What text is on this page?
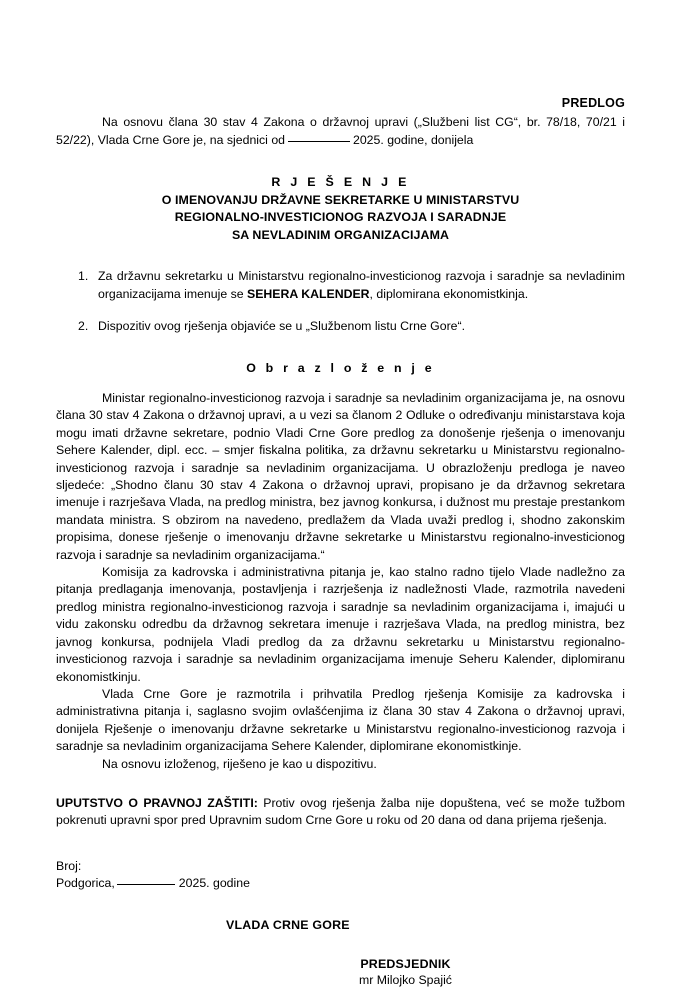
PREDLOG

Na osnovu člana 30 stav 4 Zakona o državnoj upravi („Službeni list CG“, br. 78/18, 70/21 i 52/22), Vlada Crne Gore je, na sjednici od	2025. godine, donijela

R J E Š E N J E
O IMENOVANJU DRŽAVNE SEKRETARKE U MINISTARSTVU
REGIONALNO-INVESTICIONOG RAZVOJA I SARADNJE
SA NEVLADINIM ORGANIZACIJAMA
1. Za državnu sekretarku u Ministarstvu regionalno-investicionog razvoja i saradnje sa nevladinim organizacijama imenuje se SEHERA KALENDER, diplomirana ekonomistkinja.
2. Dispozitiv ovog rješenja objaviće se u „Službenom listu Crne Gore“.
O b r a z l o ž e n j e

Ministar regionalno-investicionog razvoja i saradnje sa nevladinim organizacijama je, na osnovu člana 30 stav 4 Zakona o državnoj upravi, a u vezi sa članom 2 Odluke o određivanju ministarstava koja mogu imati državne sekretare, podnio Vladi Crne Gore predlog za donošenje rješenja o imenovanju Sehere Kalender, dipl. ecc. – smjer fiskalna politika, za državnu sekretarku u Ministarstvu regionalno-investicionog razvoja i saradnje sa nevladinim organizacijama. U obrazloženju predloga je naveo sljedeće: „Shodno članu 30 stav 4 Zakona o državnoj upravi, propisano je da državnog sekretara imenuje i razrješava Vlada, na predlog ministra, bez javnog konkursa, i dužnost mu prestaje prestankom mandata ministra. S obzirom na navedeno, predlažem da Vlada uvaži predlog i, shodno zakonskim propisima, donese rješenje o imenovanju državne sekretarke u Ministarstvu regionalno-investicionog razvoja i saradnje sa nevladinim organizacijama.“

Komisija za kadrovska i administrativna pitanja je, kao stalno radno tijelo Vlade nadležno za pitanja predlaganja imenovanja, postavljenja i razrješenja iz nadležnosti Vlade, razmotrila navedeni predlog ministra regionalno-investicionog razvoja i saradnje sa nevladinim organizacijama i, imajući u vidu zakonsku odredbu da državnog sekretara imenuje i razrješava Vlada, na predlog ministra, bez javnog konkursa, podnijela Vladi predlog da za državnu sekretarku u Ministarstvu regionalno-investicionog razvoja i saradnje sa nevladinim organizacijama imenuje Seheru Kalender, diplomiranu ekonomistkinju.

Vlada Crne Gore je razmotrila i prihvatila Predlog rješenja Komisije za kadrovska i administrativna pitanja i, saglasno svojim ovlašćenjima iz člana 30 stav 4 Zakona o državnoj upravi, donijela Rješenje o imenovanju državne sekretarke u Ministarstvu regionalno-investicionog razvoja i saradnje sa nevladinim organizacijama Sehere Kalender, diplomirane ekonomistkinje.

Na osnovu izloženog, riješeno je kao u dispozitivu.

UPUTSTVO O PRAVNOJ ZAŠTITI: Protiv ovog rješenja žalba nije dopuštena, već se može tužbom pokrenuti upravni spor pred Upravnim sudom Crne Gore u roku od 20 dana od dana prijema rješenja.
Broj:
Podgorica,	2025. godine
VLADA CRNE GORE
PREDSJEDNIK
mr Milojko Spajić
